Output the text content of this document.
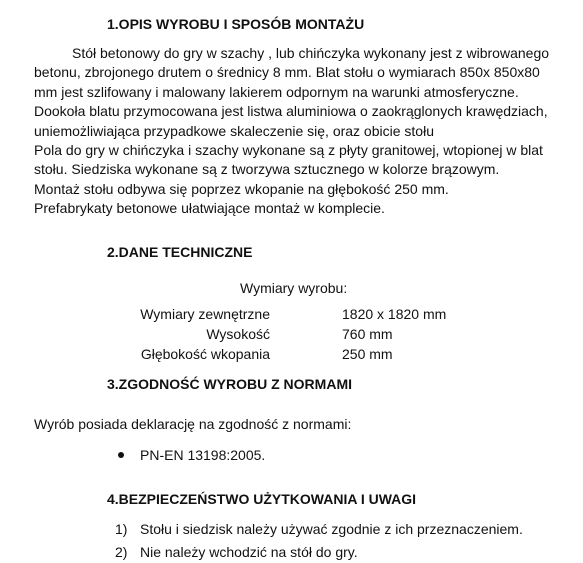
1.OPIS WYROBU I SPOSÓB MONTAŻU
Stół betonowy do gry w szachy , lub chińczyka wykonany jest z wibrowanego
betonu, zbrojonego drutem o średnicy 8 mm. Blat stołu o wymiarach 850x 850x80
mm jest szlifowany i malowany lakierem odpornym na warunki atmosferyczne.
Dookoła blatu przymocowana jest listwa aluminiowa o zaokrąglonych krawędziach,
uniemożliwiająca przypadkowe skaleczenie się, oraz obicie stołu
Pola do gry w chińczyka i szachy wykonane są z płyty granitowej, wtopionej w blat
stołu. Siedziska wykonane są z tworzywa sztucznego w kolorze brązowym.
Montaż stołu odbywa się poprzez wkopanie na głębokość 250 mm.
Prefabrykaty betonowe ułatwiające montaż w komplecie.
2.DANE TECHNICZNE
Wymiary wyrobu:
Wymiary zewnętrzne	1820 x 1820 mm
Wysokość	760 mm
Głębokość wkopania	250 mm
3.ZGODNOŚĆ WYROBU Z NORMAMI
Wyrób posiada deklarację na zgodność z normami:
PN-EN 13198:2005.
4.BEZPIECZEŃSTWO UŻYTKOWANIA I UWAGI
1) Stołu i siedzisk należy używać zgodnie z ich przeznaczeniem.
2) Nie należy wchodzić na stół do gry.
